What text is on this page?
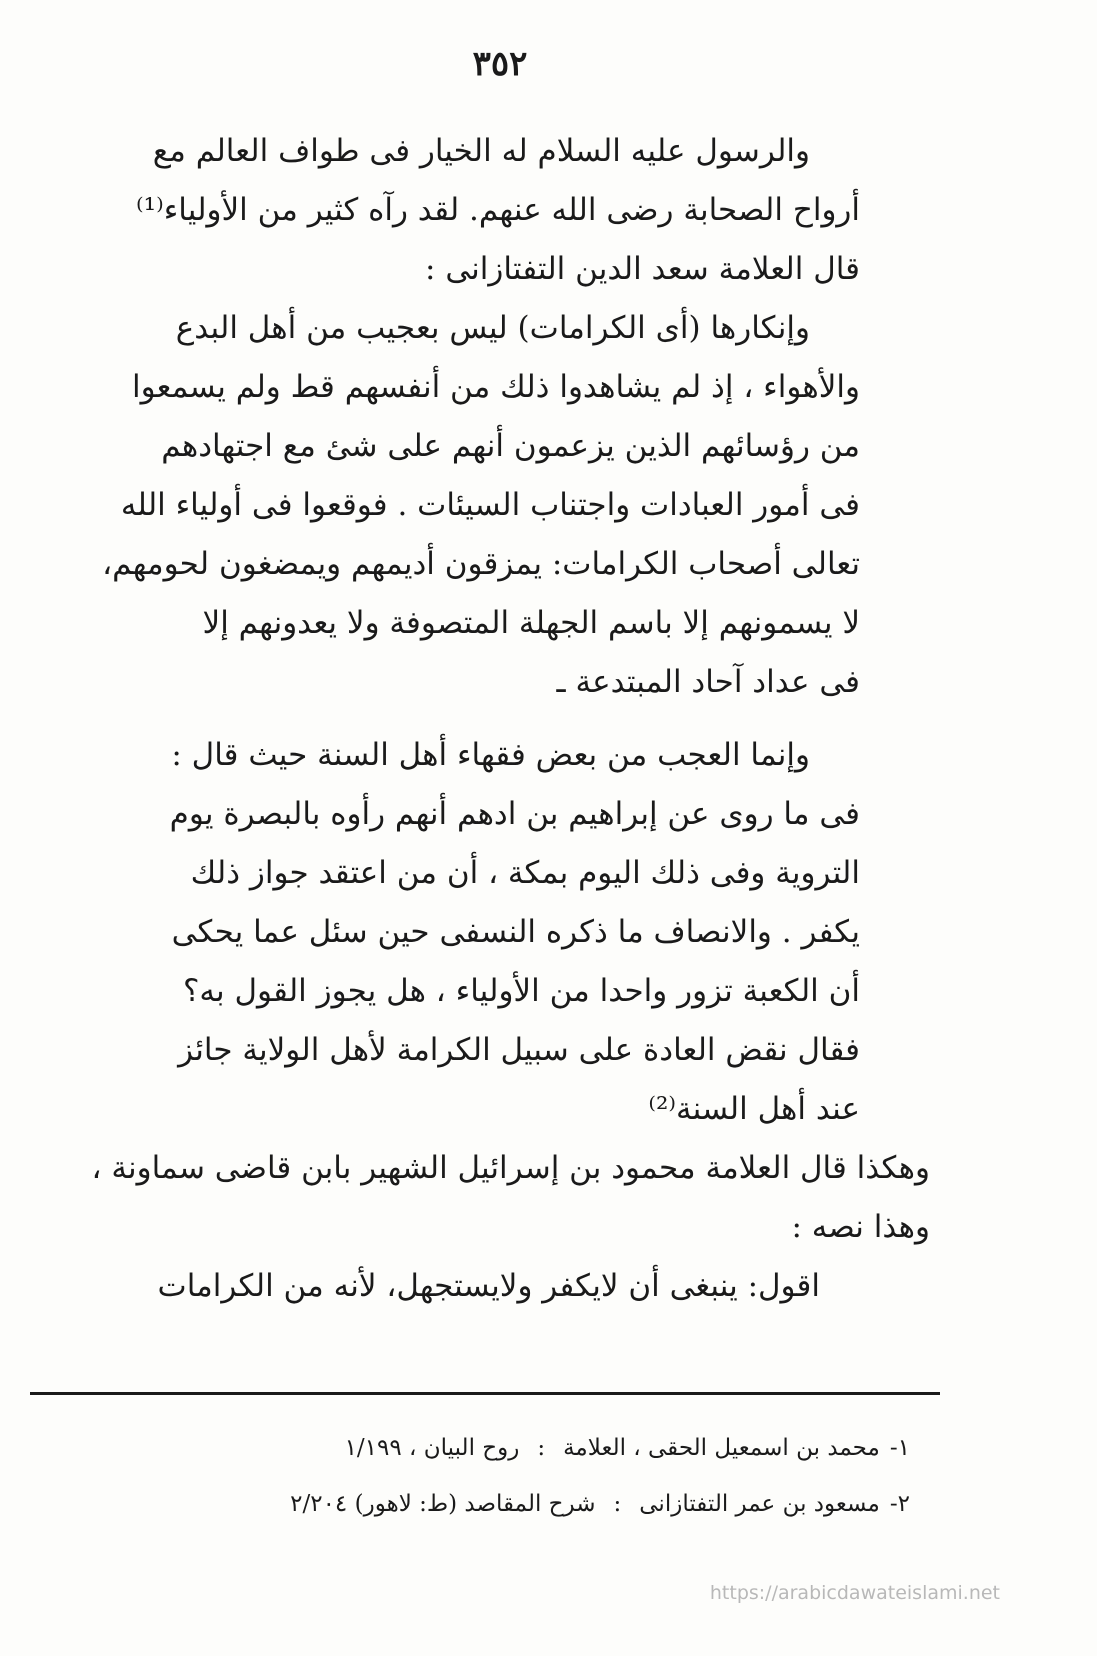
٣٥٢
والرسول عليه السلام له الخيار فى طواف العالم مع
أرواح الصحابة رضى الله عنهم. لقد رآه كثير من الأولياء⁽¹⁾
قال العلامة سعد الدين التفتازانى :
وإنكارها (أى الكرامات) ليس بعجيب من أهل البدع
والأهواء ، إذ لم يشاهدوا ذلك من أنفسهم قط ولم يسمعوا
من رؤسائهم الذين يزعمون أنهم على شئ مع اجتهادهم
فى أمور العبادات واجتناب السيئات . فوقعوا فى أولياء الله
تعالى أصحاب الكرامات: يمزقون أديمهم ويمضغون لحومهم،
لا يسمونهم إلا باسم الجهلة المتصوفة ولا يعدونهم إلا
فى عداد آحاد المبتدعة ـ
وإنما العجب من بعض فقهاء أهل السنة حيث قال :
فى ما روى عن إبراهيم بن ادهم أنهم رأوه بالبصرة يوم
التروية وفى ذلك اليوم بمكة ، أن من اعتقد جواز ذلك
يكفر . والانصاف ما ذكره النسفى حين سئل عما يحكى
أن الكعبة تزور واحدا من الأولياء ، هل يجوز القول به؟
فقال نقض العادة على سبيل الكرامة لأهل الولاية جائز
عند أهل السنة⁽²⁾
وهكذا قال العلامة محمود بن إسرائيل الشهير بابن قاضى سماونة ،
وهذا نصه :
اقول: ينبغى أن لايكفر ولايستجهل، لأنه من الكرامات
١-محمد بن اسمعيل الحقى ، العلامة:روح البيان ، ١/١٩٩
٢-مسعود بن عمر التفتازانى:شرح المقاصد (ط: لاهور) ٢/٢٠٤
https://arabicdawateislami.net
